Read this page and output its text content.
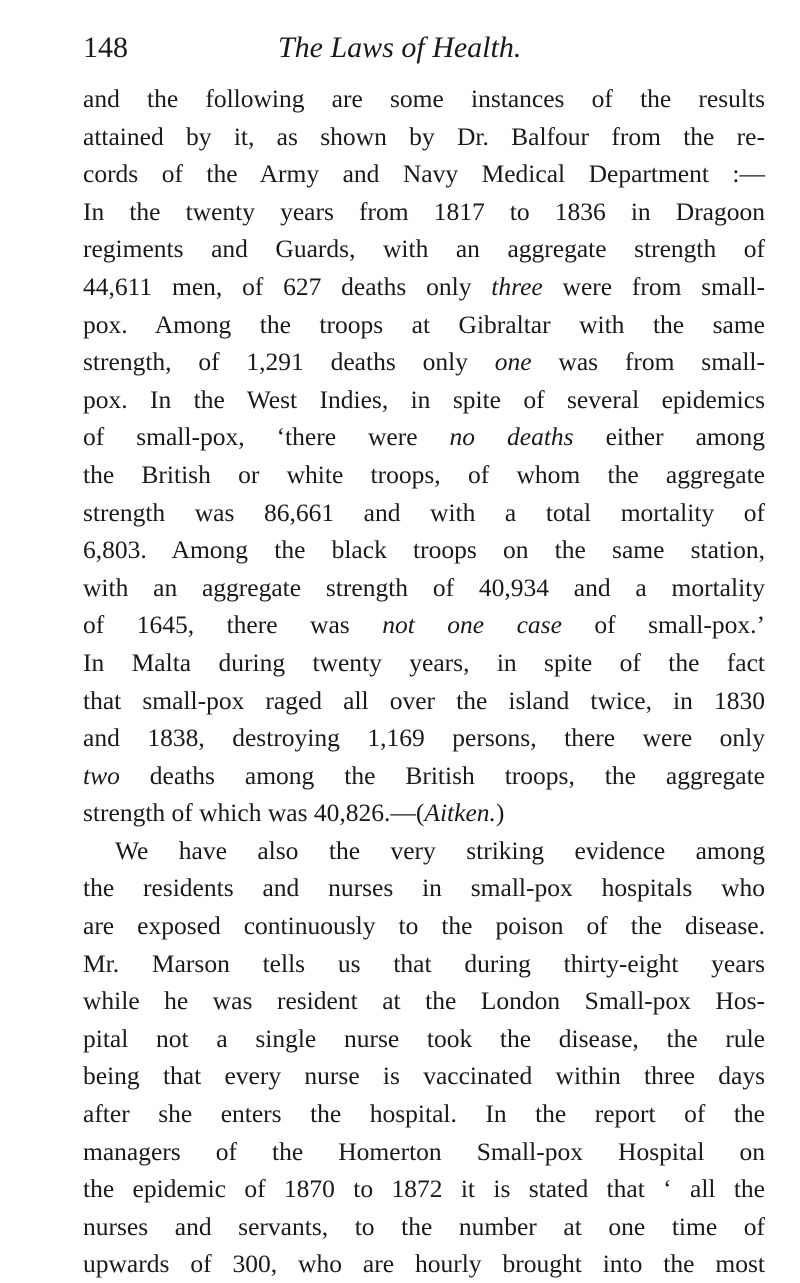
148	The Laws of Health.
and the following are some instances of the results
attained by it, as shown by Dr. Balfour from the re-
cords of the Army and Navy Medical Department :—
In the twenty years from 1817 to 1836 in Dragoon
regiments and Guards, with an aggregate strength of
44,611 men, of 627 deaths only three were from small-
pox. Among the troops at Gibraltar with the same
strength, of 1,291 deaths only one was from small-
pox. In the West Indies, in spite of several epidemics
of small-pox, ‘there were no deaths either among
the British or white troops, of whom the aggregate
strength was 86,661 and with a total mortality of
6,803. Among the black troops on the same station,
with an aggregate strength of 40,934 and a mortality
of 1645, there was not one case of small-pox.’
In Malta during twenty years, in spite of the fact
that small-pox raged all over the island twice, in 1830
and 1838, destroying 1,169 persons, there were only
two deaths among the British troops, the aggregate
strength of which was 40,826.—(Aitken.)
We have also the very striking evidence among
the residents and nurses in small-pox hospitals who
are exposed continuously to the poison of the disease.
Mr. Marson tells us that during thirty-eight years
while he was resident at the London Small-pox Hos-
pital not a single nurse took the disease, the rule
being that every nurse is vaccinated within three days
after she enters the hospital. In the report of the
managers of the Homerton Small-pox Hospital on
the epidemic of 1870 to 1872 it is stated that ‘ all the
nurses and servants, to the number at one time of
upwards of 300, who are hourly brought into the most
